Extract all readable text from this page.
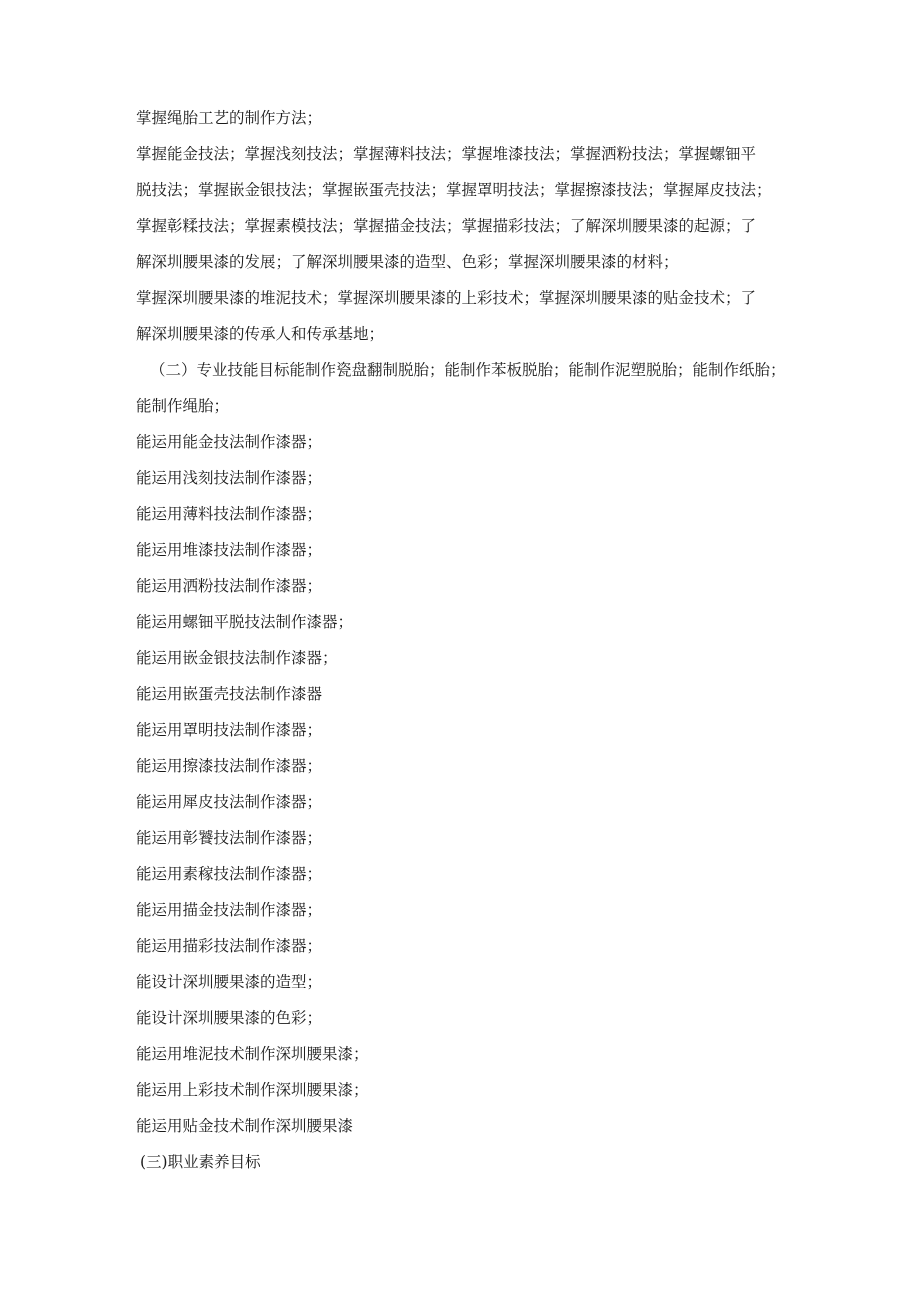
掌握绳胎工艺的制作方法；
掌握能金技法；掌握浅刻技法；掌握薄料技法；掌握堆漆技法；掌握洒粉技法；掌握螺钿平
脱技法；掌握嵌金银技法；掌握嵌蛋壳技法；掌握罩明技法；掌握擦漆技法；掌握犀皮技法；
掌握彰糅技法；掌握素模技法；掌握描金技法；掌握描彩技法；了解深圳腰果漆的起源；了
解深圳腰果漆的发展；了解深圳腰果漆的造型、色彩；掌握深圳腰果漆的材料；
掌握深圳腰果漆的堆泥技术；掌握深圳腰果漆的上彩技术；掌握深圳腰果漆的贴金技术；了
解深圳腰果漆的传承人和传承基地；
（二）专业技能目标能制作瓷盘翻制脱胎；能制作苯板脱胎；能制作泥塑脱胎；能制作纸胎；
能制作绳胎；
能运用能金技法制作漆器；
能运用浅刻技法制作漆器；
能运用薄料技法制作漆器；
能运用堆漆技法制作漆器；
能运用洒粉技法制作漆器；
能运用螺钿平脱技法制作漆器；
能运用嵌金银技法制作漆器；
能运用嵌蛋壳技法制作漆器
能运用罩明技法制作漆器；
能运用擦漆技法制作漆器；
能运用犀皮技法制作漆器；
能运用彰饕技法制作漆器；
能运用素稼技法制作漆器；
能运用描金技法制作漆器；
能运用描彩技法制作漆器；
能设计深圳腰果漆的造型；
能设计深圳腰果漆的色彩；
能运用堆泥技术制作深圳腰果漆；
能运用上彩技术制作深圳腰果漆；
能运用贴金技术制作深圳腰果漆
(三)职业素养目标
